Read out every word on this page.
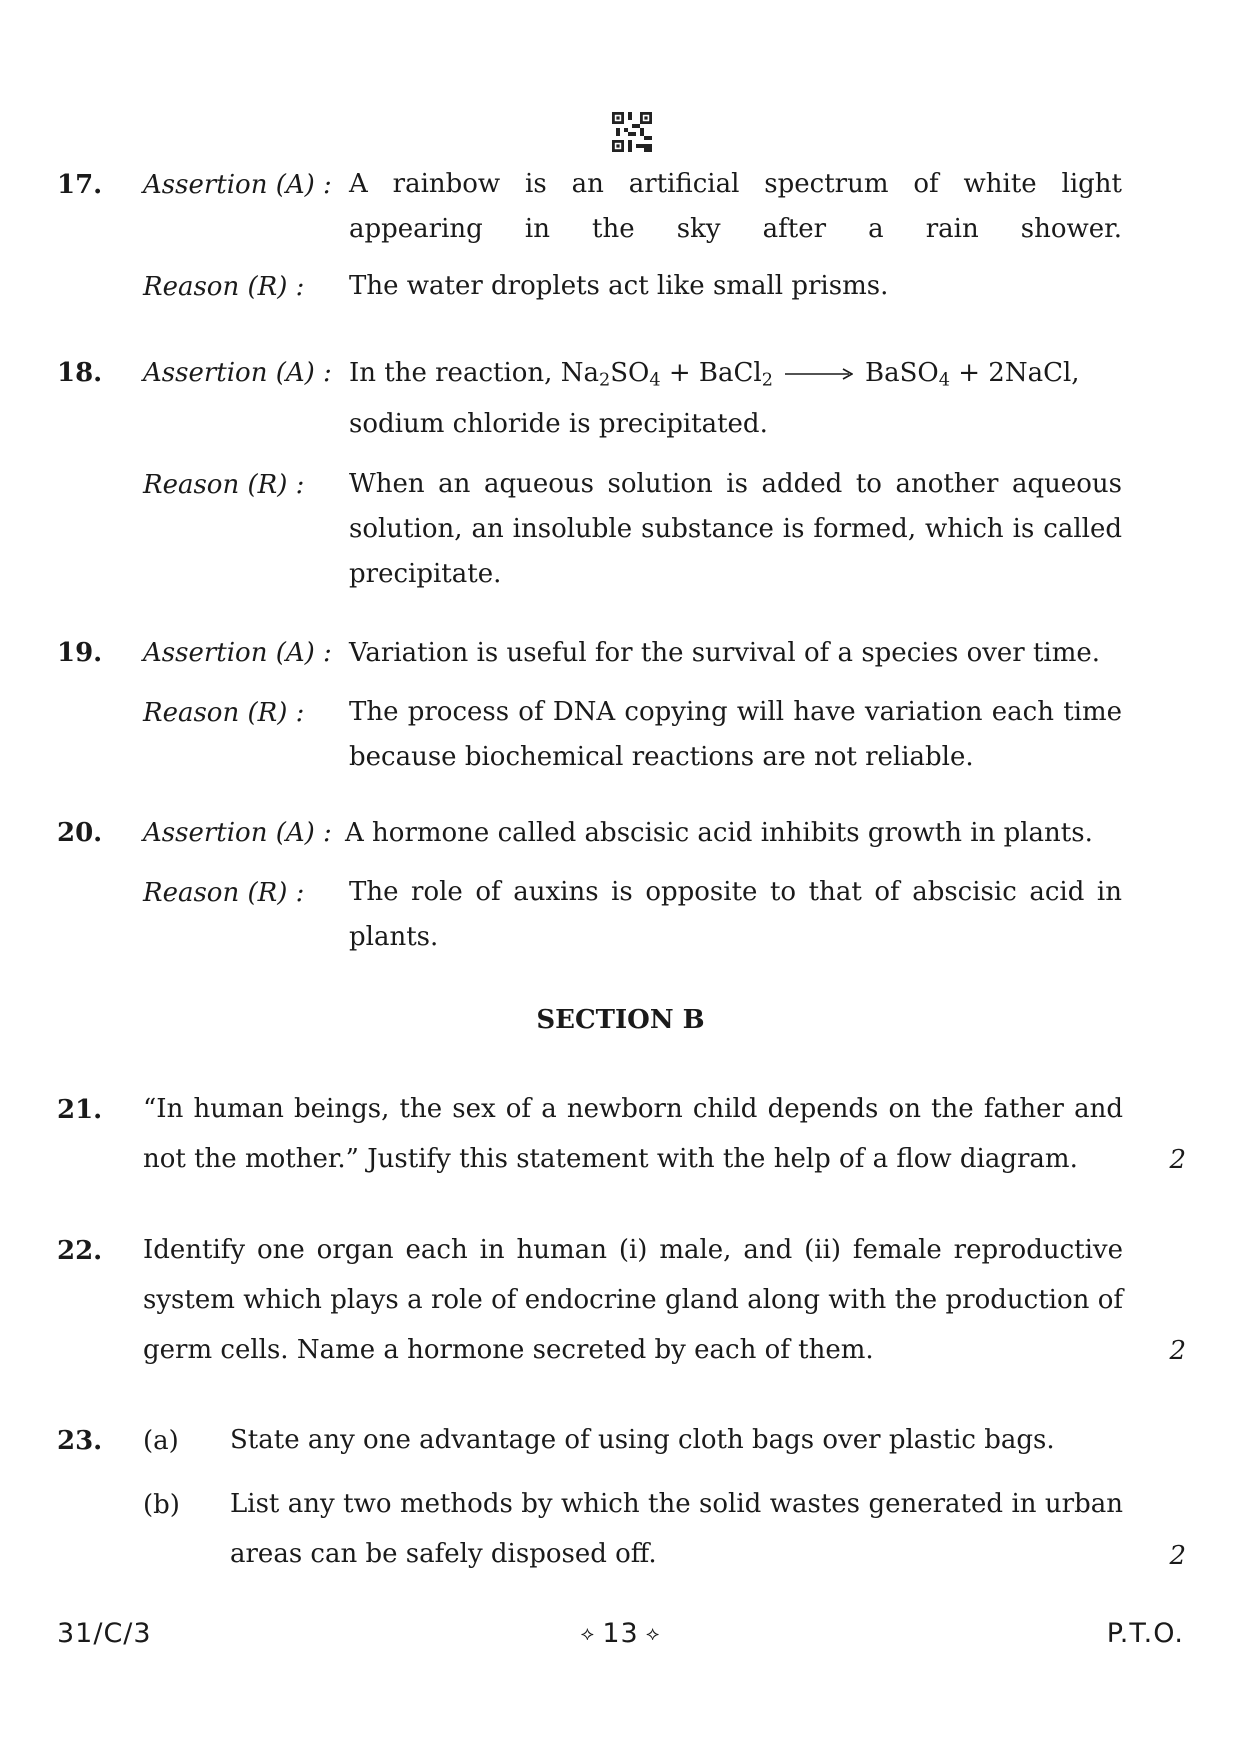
17. Assertion (A) : A rainbow is an artificial spectrum of white light appearing in the sky after a rain shower.
Reason (R) : The water droplets act like small prisms.
18. Assertion (A) : In the reaction, $Na_2SO_4$ + BaCl$_2$ → BaSO$_4$ + 2NaCl,
sodium chloride is precipitated.
Reason (R) : When an aqueous solution is added to another aqueous solution, an insoluble substance is formed, which is called precipitate.
19. Assertion (A) : Variation is useful for the survival of a species over time.
Reason (R) : The process of DNA copying will have variation each time because biochemical reactions are not reliable.
20. Assertion (A) : A hormone called abscisic acid inhibits growth in plants.
Reason (R) : The role of auxins is opposite to that of abscisic acid in plants.
SECTION B
21. “In human beings, the sex of a newborn child depends on the father and not the mother.” Justify this statement with the help of a flow diagram.	2
22. Identify one organ each in human (i) male, and (ii) female reproductive system which plays a role of endocrine gland along with the production of germ cells. Name a hormone secreted by each of them.	2
23. (a) State any one advantage of using cloth bags over plastic bags.
(b) List any two methods by which the solid wastes generated in urban areas can be safely disposed off.	2
31/C/3	⟡ 13 ⟡	P.T.O.
